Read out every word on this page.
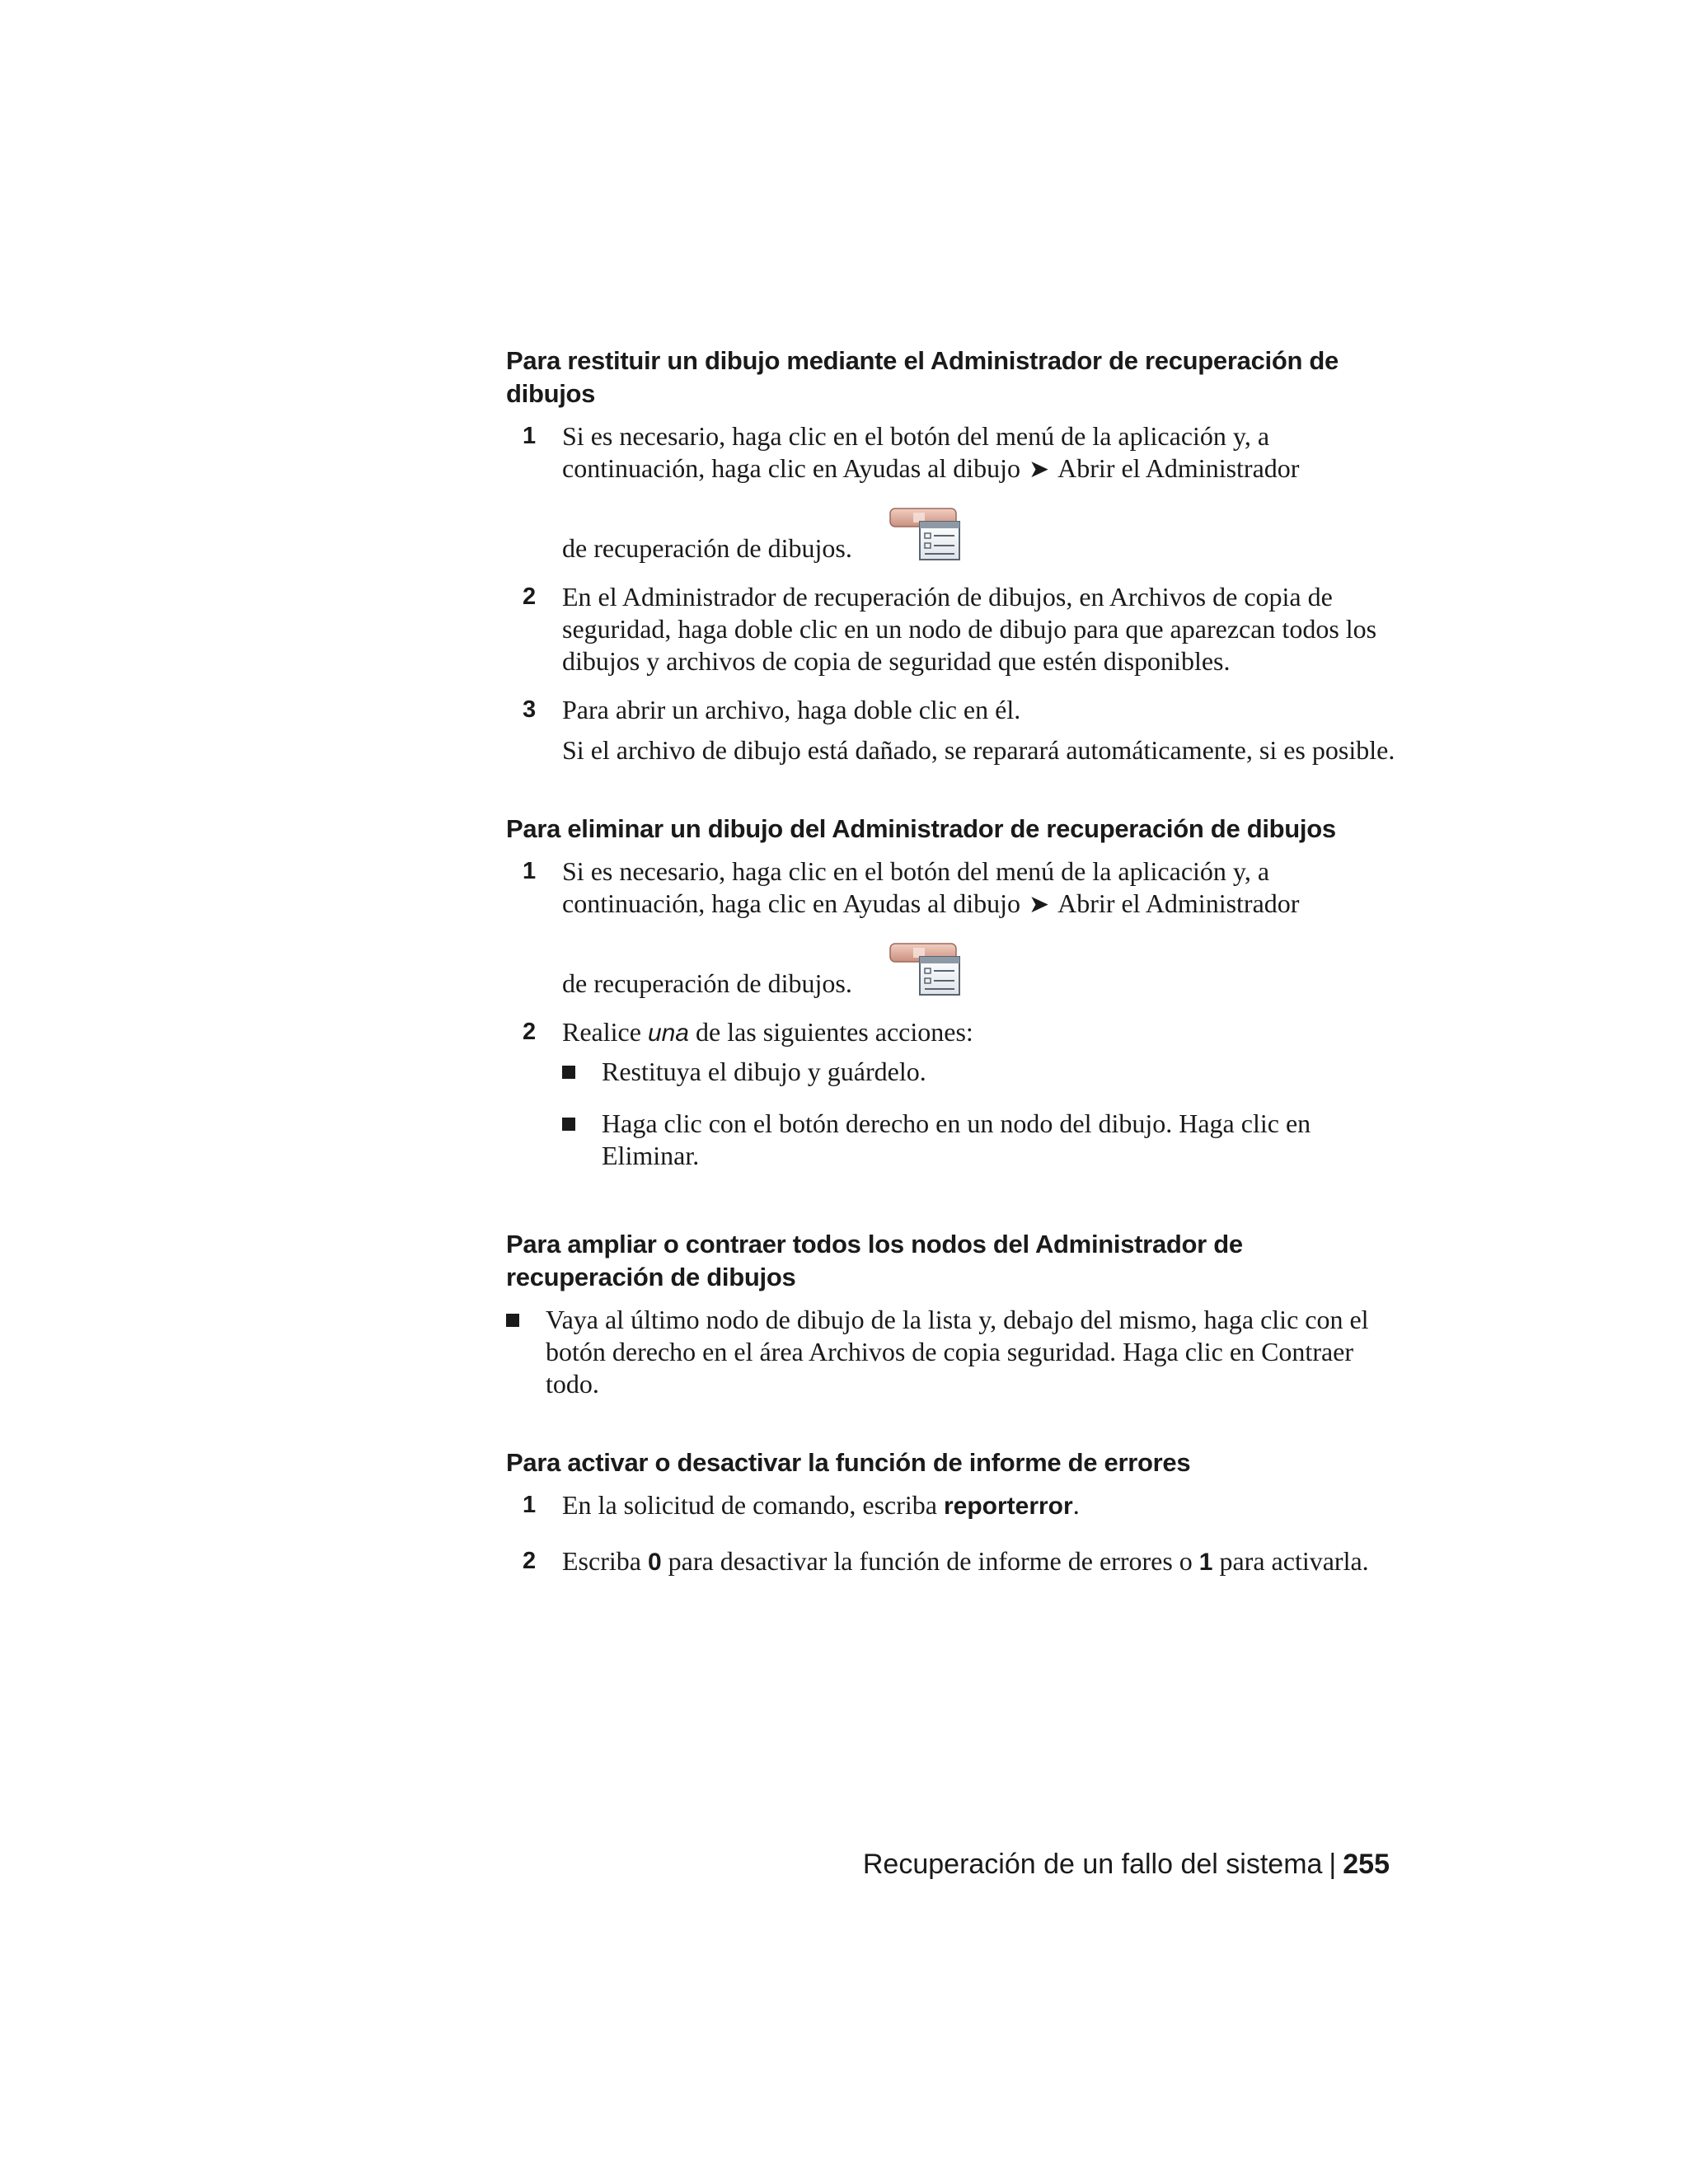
Para restituir un dibujo mediante el Administrador de recuperación de dibujos
1 Si es necesario, haga clic en el botón del menú de la aplicación y, a continuación, haga clic en Ayudas al dibujo ➤ Abrir el Administrador

de recuperación de dibujos.
2 En el Administrador de recuperación de dibujos, en Archivos de copia de seguridad, haga doble clic en un nodo de dibujo para que aparezcan todos los dibujos y archivos de copia de seguridad que estén disponibles.

3 Para abrir un archivo, haga doble clic en él.

Si el archivo de dibujo está dañado, se reparará automáticamente, si es posible.

Para eliminar un dibujo del Administrador de recuperación de dibujos
1 Si es necesario, haga clic en el botón del menú de la aplicación y, a continuación, haga clic en Ayudas al dibujo ➤ Abrir el Administrador

de recuperación de dibujos.
2 Realice una de las siguientes acciones:

Restituya el dibujo y guárdelo.

Haga clic con el botón derecho en un nodo del dibujo. Haga clic en Eliminar.

Para ampliar o contraer todos los nodos del Administrador de recuperación de dibujos

Vaya al último nodo de dibujo de la lista y, debajo del mismo, haga clic con el botón derecho en el área Archivos de copia seguridad. Haga clic en Contraer todo.

Para activar o desactivar la función de informe de errores
1 En la solicitud de comando, escriba reporterror.

2 Escriba 0 para desactivar la función de informe de errores o 1 para activarla.

Recuperación de un fallo del sistema | 255
